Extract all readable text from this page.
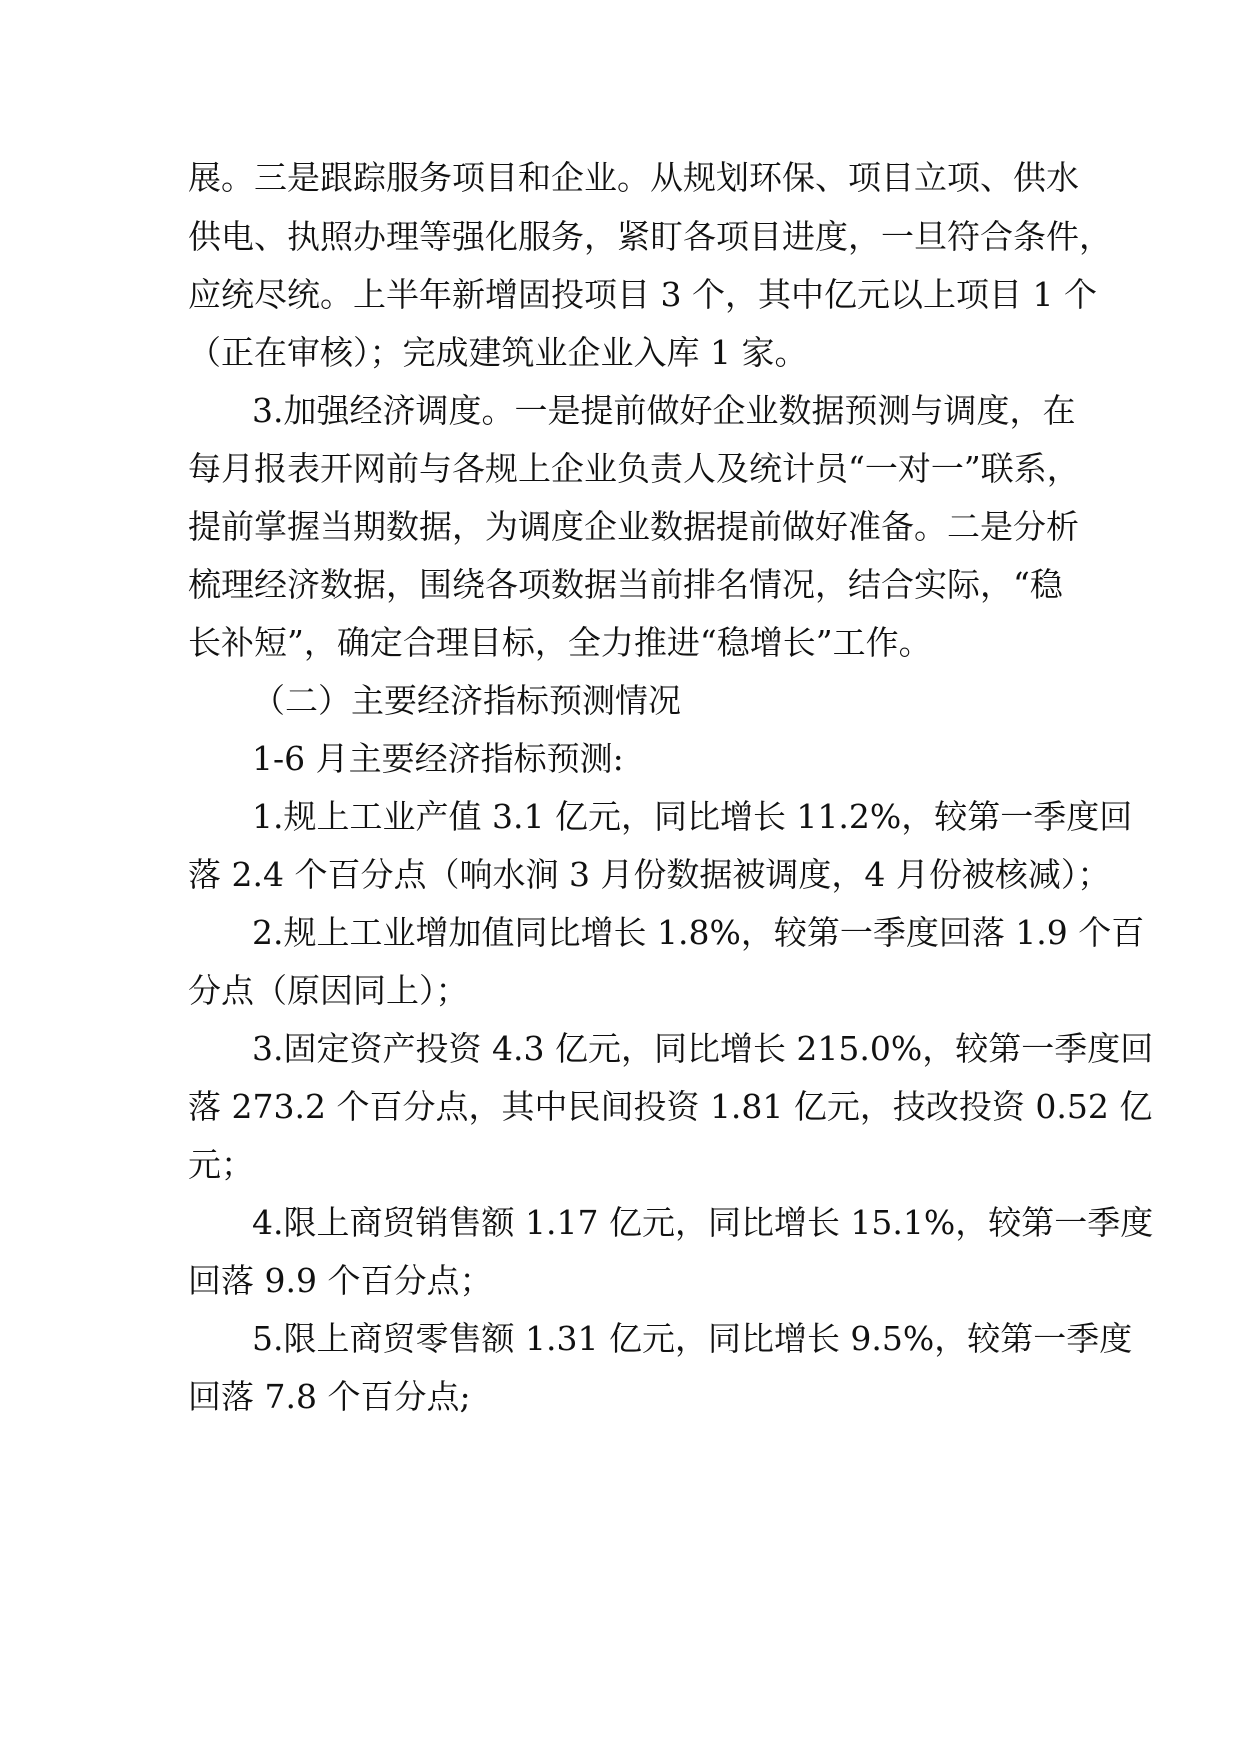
展。三是跟踪服务项目和企业。从规划环保、项目立项、供水
供电、执照办理等强化服务，紧盯各项目进度，一旦符合条件，
应统尽统。上半年新增固投项目 3 个，其中亿元以上项目 1 个
（正在审核）；完成建筑业企业入库 1 家。
3.加强经济调度。一是提前做好企业数据预测与调度，在
每月报表开网前与各规上企业负责人及统计员“一对一”联系，
提前掌握当期数据，为调度企业数据提前做好准备。二是分析
梳理经济数据，围绕各项数据当前排名情况，结合实际，“稳
长补短”，确定合理目标，全力推进“稳增长”工作。
（二）主要经济指标预测情况
1-6 月主要经济指标预测:
1.规上工业产值 3.1 亿元，同比增长 11.2%，较第一季度回
落 2.4 个百分点（响水涧 3 月份数据被调度，4 月份被核减）；
2.规上工业增加值同比增长 1.8%，较第一季度回落 1.9 个百
分点（原因同上）；
3.固定资产投资 4.3 亿元，同比增长 215.0%，较第一季度回
落 273.2 个百分点，其中民间投资 1.81 亿元，技改投资 0.52 亿
元；
4.限上商贸销售额 1.17 亿元，同比增长 15.1%，较第一季度
回落 9.9 个百分点；
5.限上商贸零售额 1.31 亿元，同比增长 9.5%，较第一季度
回落 7.8 个百分点;
